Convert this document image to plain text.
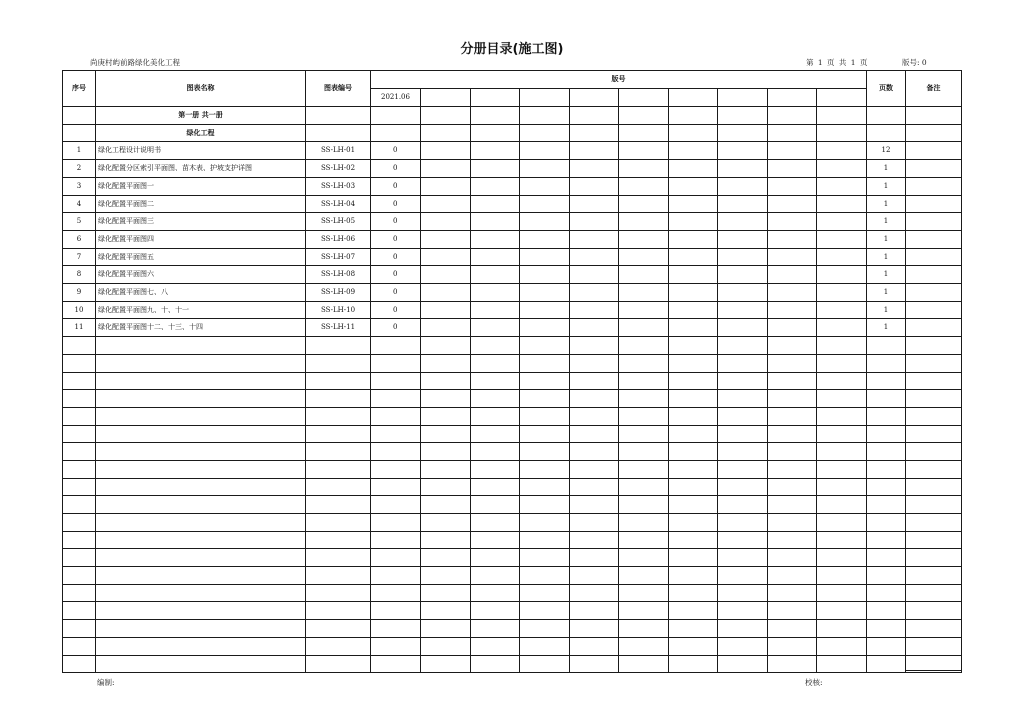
分册目录(施工图)
尚庚村屿前路绿化美化工程	第 1 页 共 1 页	版号: 0
序号	图表名称	图表编号	版号										页数	备注
			2021.06											
	第一册 共一册													
	绿化工程													
1	绿化工程设计说明书	SS-LH-01	0										12	
2	绿化配置分区索引平面图、苗木表、护坡支护详图	SS-LH-02	0										1	
3	绿化配置平面图一	SS-LH-03	0										1	
4	绿化配置平面图二	SS-LH-04	0										1	
5	绿化配置平面图三	SS-LH-05	0										1	
6	绿化配置平面图四	SS-LH-06	0										1	
7	绿化配置平面图五	SS-LH-07	0										1	
8	绿化配置平面图六	SS-LH-08	0										1	
9	绿化配置平面图七、八	SS-LH-09	0										1	
10	绿化配置平面图九、十、十一	SS-LH-10	0										1	
11	绿化配置平面图十二、十三、十四	SS-LH-11	0										1	

编制:	校核:
